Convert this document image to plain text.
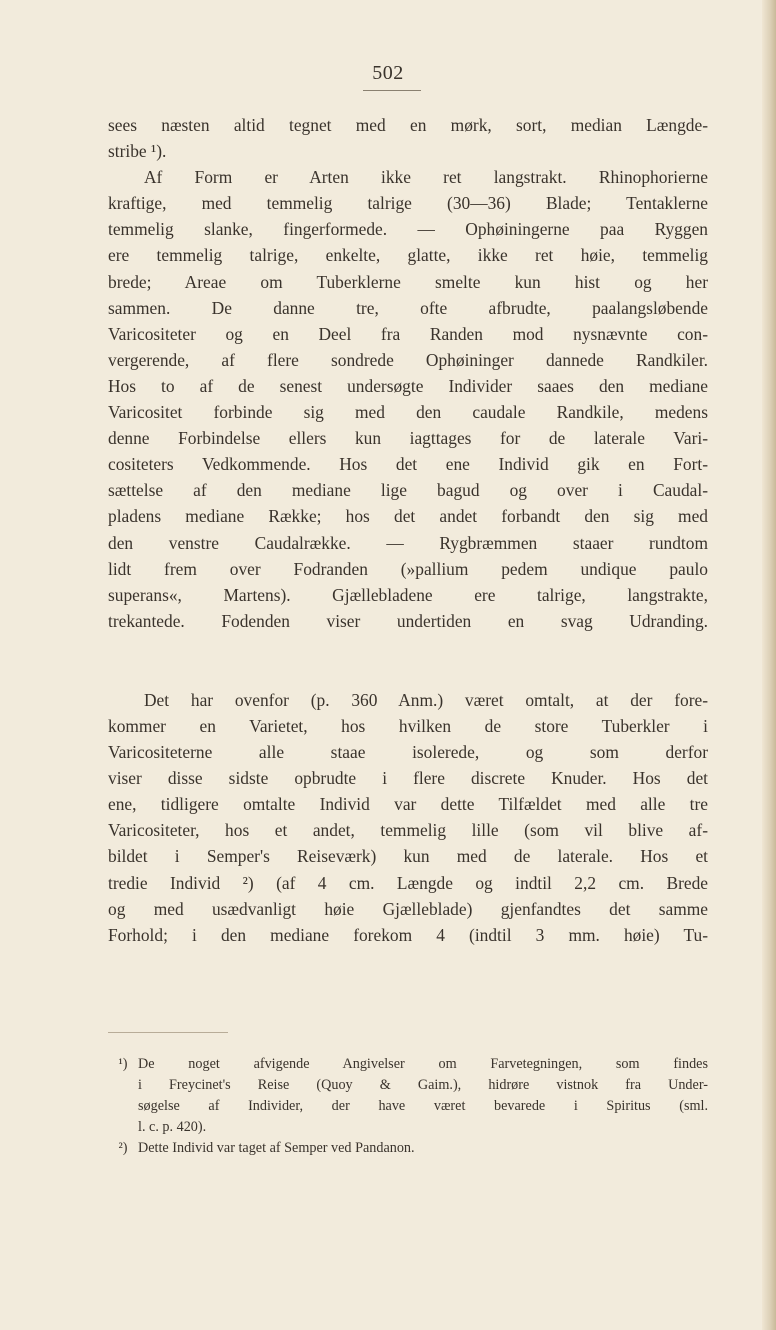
502

sees næsten altid tegnet med en mørk, sort, median Længde-
stribe ¹).

Af Form er Arten ikke ret langstrakt. Rhinophorierne
kraftige, med temmelig talrige (30—36) Blade; Tentaklerne
temmelig slanke, fingerformede. — Ophøiningerne paa Ryggen
ere temmelig talrige, enkelte, glatte, ikke ret høie, temmelig
brede; Areae om Tuberklerne smelte kun hist og her
sammen. De danne tre, ofte afbrudte, paalangsløbende
Varicositeter og en Deel fra Randen mod nysnævnte con-
vergerende, af flere sondrede Ophøininger dannede Randkiler.
Hos to af de senest undersøgte Individer saaes den mediane
Varicositet forbinde sig med den caudale Randkile, medens
denne Forbindelse ellers kun iagttages for de laterale Vari-
cositeters Vedkommende. Hos det ene Individ gik en Fort-
sættelse af den mediane lige bagud og over i Caudal-
pladens mediane Række; hos det andet forbandt den sig med
den venstre Caudalrække. — Rygbræmmen staaer rundtom
lidt frem over Fodranden (»pallium pedem undique paulo
superans«, Martens). Gjællebladene ere talrige, langstrakte,
trekantede. Fodenden viser undertiden en svag Udranding.

Det har ovenfor (p. 360 Anm.) været omtalt, at der fore-
kommer en Varietet, hos hvilken de store Tuberkler i
Varicositeterne alle staae isolerede, og som derfor
viser disse sidste opbrudte i flere discrete Knuder. Hos det
ene, tidligere omtalte Individ var dette Tilfældet med alle tre
Varicositeter, hos et andet, temmelig lille (som vil blive af-
bildet i Semper's Reiseværk) kun med de laterale. Hos et
tredie Individ ²) (af 4 cm. Længde og indtil 2,2 cm. Brede
og med usædvanligt høie Gjælleblade) gjenfandtes det samme
Forhold; i den mediane forekom 4 (indtil 3 mm. høie) Tu-

¹) De noget afvigende Angivelser om Farvetegningen, som findes
i Freycinet's Reise (Quoy & Gaim.), hidrøre vistnok fra Under-
søgelse af Individer, der have været bevarede i Spiritus (sml.
l. c. p. 420).
²) Dette Individ var taget af Semper ved Pandanon.
